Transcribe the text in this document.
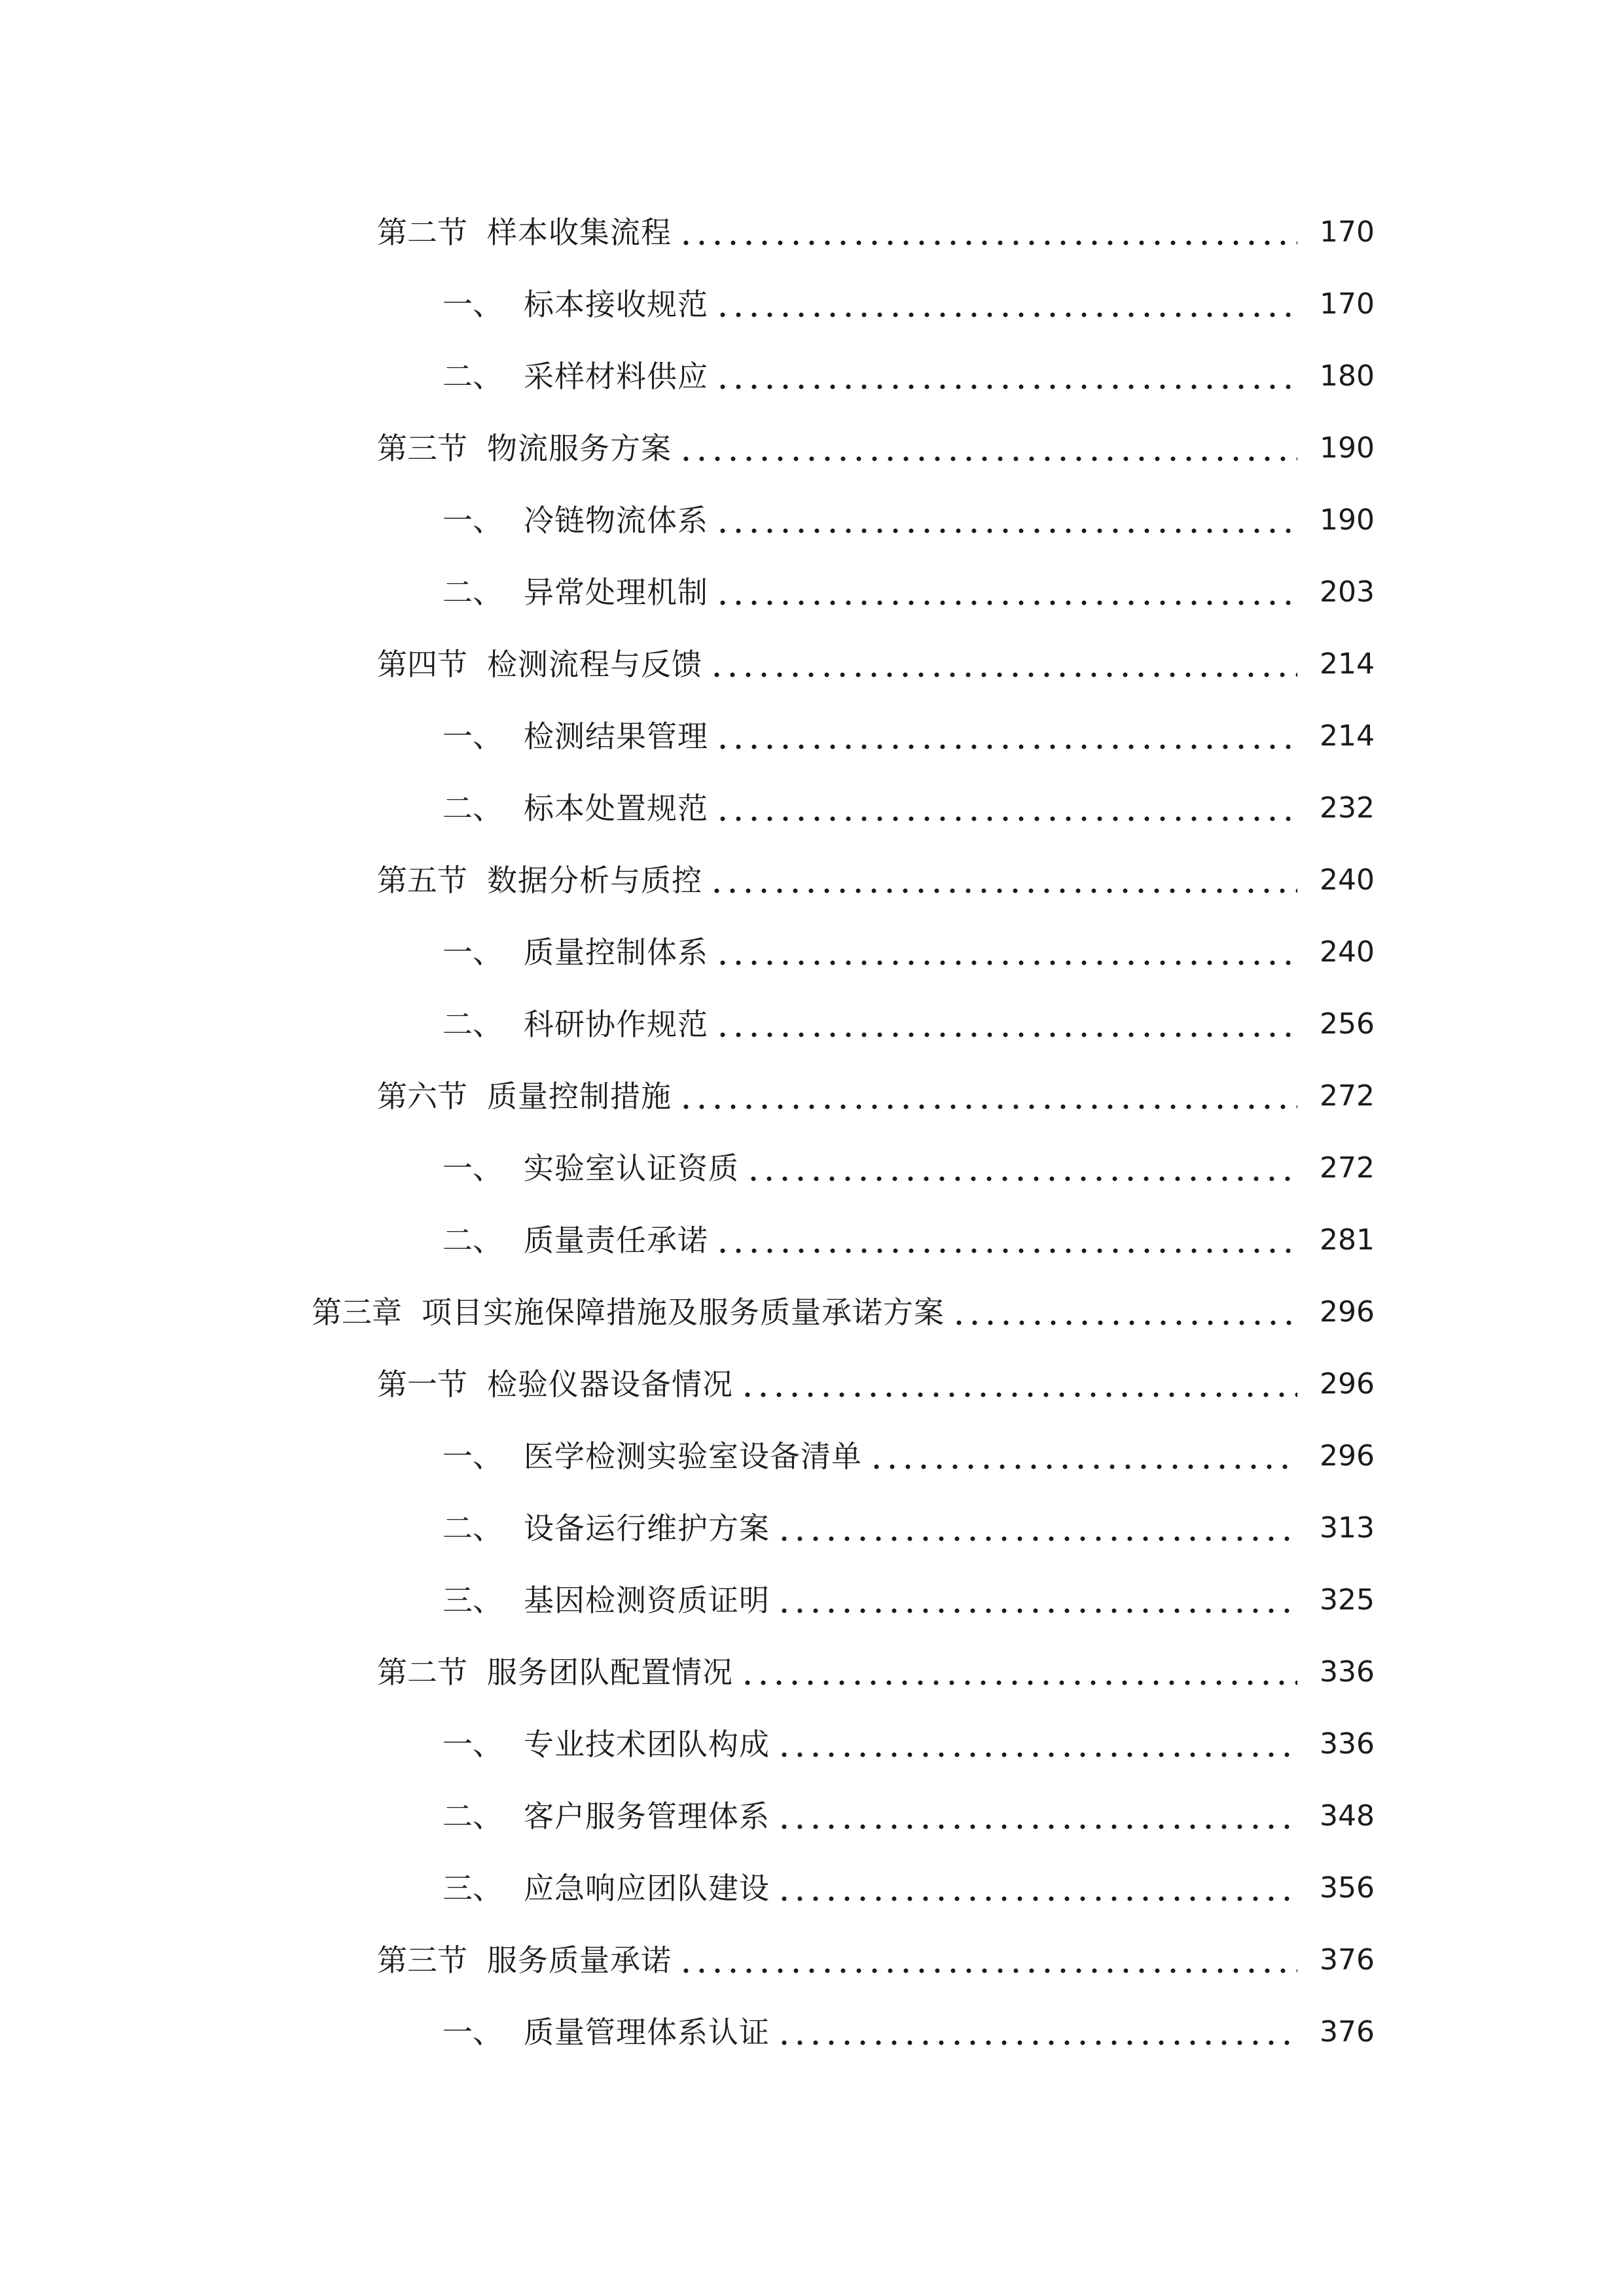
第二节 样本收集流程	170
一、 标本接收规范	170
二、 采样材料供应	180
第三节 物流服务方案	190
一、 冷链物流体系	190
二、 异常处理机制	203
第四节 检测流程与反馈	214
一、 检测结果管理	214
二、 标本处置规范	232
第五节 数据分析与质控	240
一、 质量控制体系	240
二、 科研协作规范	256
第六节 质量控制措施	272
一、 实验室认证资质	272
二、 质量责任承诺	281
第三章 项目实施保障措施及服务质量承诺方案	296
第一节 检验仪器设备情况	296
一、 医学检测实验室设备清单	296
二、 设备运行维护方案	313
三、 基因检测资质证明	325
第二节 服务团队配置情况	336
一、 专业技术团队构成	336
二、 客户服务管理体系	348
三、 应急响应团队建设	356
第三节 服务质量承诺	376
一、 质量管理体系认证	376
